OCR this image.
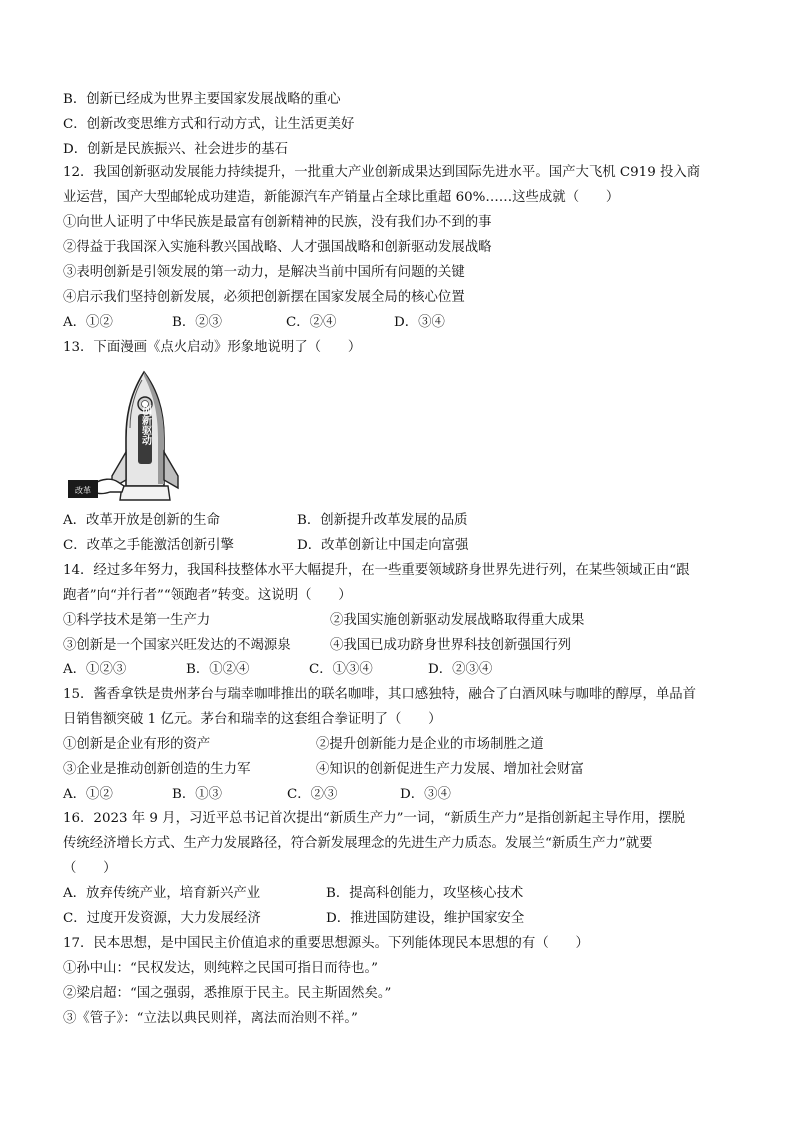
B．创新已经成为世界主要国家发展战略的重心
C．创新改变思维方式和行动方式，让生活更美好
D．创新是民族振兴、社会进步的基石
12．我国创新驱动发展能力持续提升，一批重大产业创新成果达到国际先进水平。国产大飞机 C919 投入商
业运营，国产大型邮轮成功建造，新能源汽车产销量占全球比重超 60%……这些成就（　　）
①向世人证明了中华民族是最富有创新精神的民族，没有我们办不到的事
②得益于我国深入实施科教兴国战略、人才强国战略和创新驱动发展战略
③表明创新是引领发展的第一动力，是解决当前中国所有问题的关键
④启示我们坚持创新发展，必须把创新摆在国家发展全局的核心位置
A．①②	B．②③	C．②④	D．③④
13．下面漫画《点火启动》形象地说明了（　　）
创新驱动
改革
A．改革开放是创新的生命	B．创新提升改革发展的品质
C．改革之手能激活创新引擎	D．改革创新让中国走向富强
14．经过多年努力，我国科技整体水平大幅提升，在一些重要领域跻身世界先进行列，在某些领域正由“跟
跑者”向“并行者”“领跑者”转变。这说明（　　）
①科学技术是第一生产力	②我国实施创新驱动发展战略取得重大成果
③创新是一个国家兴旺发达的不竭源泉	④我国已成功跻身世界科技创新强国行列
A．①②③	B．①②④	C．①③④	D．②③④
15．酱香拿铁是贵州茅台与瑞幸咖啡推出的联名咖啡，其口感独特，融合了白酒风味与咖啡的醇厚，单品首
日销售额突破 1 亿元。茅台和瑞幸的这套组合拳证明了（　　）
①创新是企业有形的资产	②提升创新能力是企业的市场制胜之道
③企业是推动创新创造的生力军	④知识的创新促进生产力发展、增加社会财富
A．①②	B．①③	C．②③	D．③④
16．2023 年 9 月，习近平总书记首次提出“新质生产力”一词，“新质生产力”是指创新起主导作用，摆脱
传统经济增长方式、生产力发展路径，符合新发展理念的先进生产力质态。发展兰“新质生产力”就要
（　　）
A．放弃传统产业，培育新兴产业	B．提高科创能力，攻坚核心技术
C．过度开发资源，大力发展经济	D．推进国防建设，维护国家安全
17．民本思想，是中国民主价值追求的重要思想源头。下列能体现民本思想的有（　　）
①孙中山：“民权发达，则纯粹之民国可指日而待也。”
②梁启超：“国之强弱，悉推原于民主。民主斯固然矣。”
③《管子》：“立法以典民则祥，离法而治则不祥。”
